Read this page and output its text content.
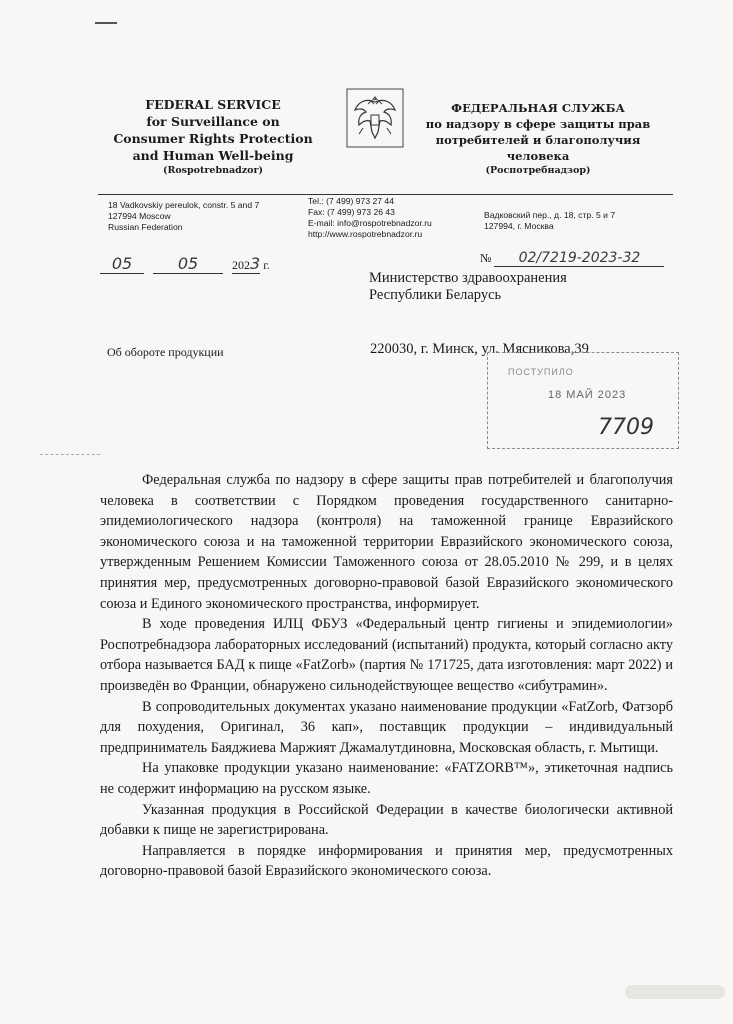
FEDERAL SERVICE
for Surveillance on
Consumer Rights Protection
and Human Well-being
(Rospotrebnadzor)
ФЕДЕРАЛЬНАЯ СЛУЖБА
по надзору в сфере защиты прав
потребителей и благополучия
человека
(Роспотребнадзор)
18 Vadkovskiy pereulok, constr. 5 and 7
127994 Moscow
Russian Federation
Tel.: (7 499) 973 27 44
Fax: (7 499) 973 26 43
E-mail: info@rospotrebnadzor.ru
http://www.rospotrebnadzor.ru
Вадковский пер., д. 18, стр. 5 и 7
127994, г. Москва
05	05	2023 г.	№ 02/7219-2023-32
Министерство здравоохранения
Республики Беларусь
Об обороте продукции	220030, г. Минск, ул. Мясникова,39
ПОСТУПИЛО
18 МАЙ 2023
7709

Федеральная служба по надзору в сфере защиты прав потребителей и благополучия человека в соответствии с Порядком проведения государственного санитарно-эпидемиологического надзора (контроля) на таможенной границе Евразийского экономического союза и на таможенной территории Евразийского экономического союза, утвержденным Решением Комиссии Таможенного союза от 28.05.2010 № 299, и в целях принятия мер, предусмотренных договорно-правовой базой Евразийского экономического союза и Единого экономического пространства, информирует.

В ходе проведения ИЛЦ ФБУЗ «Федеральный центр гигиены и эпидемиологии» Роспотребнадзора лабораторных исследований (испытаний) продукта, который согласно акту отбора называется БАД к пище «FatZorb» (партия № 171725, дата изготовления: март 2022) и произведён во Франции, обнаружено сильнодействующее вещество «сибутрамин».

В сопроводительных документах указано наименование продукции «FatZorb, Фатзорб для похудения, Оригинал, 36 кап», поставщик продукции – индивидуальный предприниматель Баяджиева Маржият Джамалутдиновна, Московская область, г. Мытищи.

На упаковке продукции указано наименование: «FATZORB™», этикеточная надпись не содержит информацию на русском языке.

Указанная продукция в Российской Федерации в качестве биологически активной добавки к пище не зарегистрирована.

Направляется в порядке информирования и принятия мер, предусмотренных договорно-правовой базой Евразийского экономического союза.
